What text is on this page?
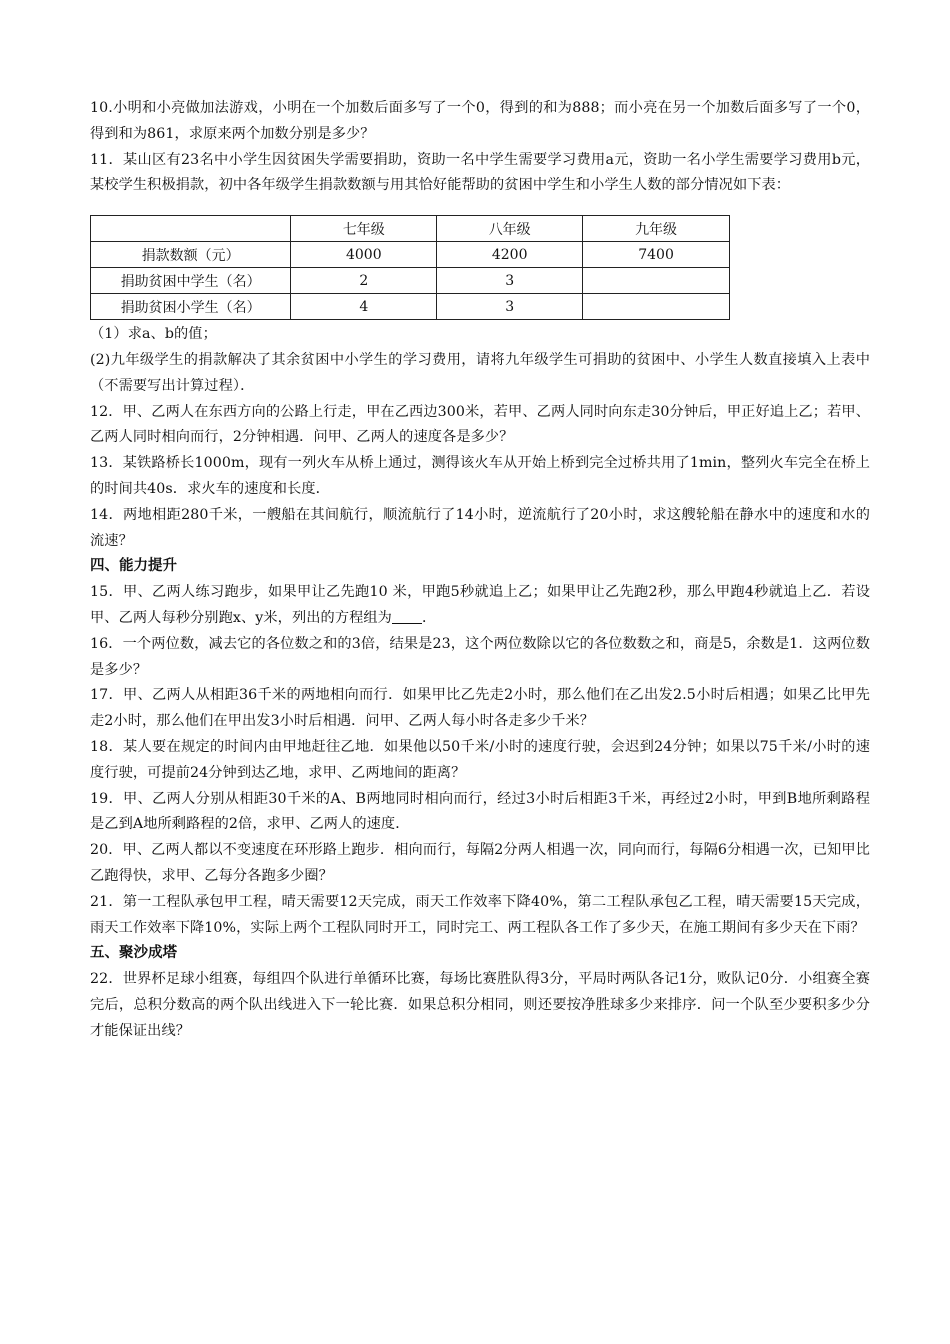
10.小明和小亮做加法游戏，小明在一个加数后面多写了一个0，得到的和为888；而小亮在另一个加数后面多写了一个0，得到和为861，求原来两个加数分别是多少？

11．某山区有23名中小学生因贫困失学需要捐助，资助一名中学生需要学习费用a元，资助一名小学生需要学习费用b元，某校学生积极捐款，初中各年级学生捐款数额与用其恰好能帮助的贫困中学生和小学生人数的部分情况如下表：

	七年级	八年级	九年级
捐款数额（元）	4000	4200	7400
捐助贫困中学生（名）	2	3	
捐助贫困小学生（名）	4	3	

（1）求a、b的值；

(2)九年级学生的捐款解决了其余贫困中小学生的学习费用，请将九年级学生可捐助的贫困中、小学生人数直接填入上表中（不需要写出计算过程）．

12．甲、乙两人在东西方向的公路上行走，甲在乙西边300米，若甲、乙两人同时向东走30分钟后，甲正好追上乙；若甲、乙两人同时相向而行，2分钟相遇．问甲、乙两人的速度各是多少？

13．某铁路桥长1000m，现有一列火车从桥上通过，测得该火车从开始上桥到完全过桥共用了1min，整列火车完全在桥上的时间共40s．求火车的速度和长度．

14．两地相距280千米，一艘船在其间航行，顺流航行了14小时，逆流航行了20小时，求这艘轮船在静水中的速度和水的流速？

四、能力提升

15．甲、乙两人练习跑步，如果甲让乙先跑10 米，甲跑5秒就追上乙；如果甲让乙先跑2秒，那么甲跑4秒就追上乙．若设甲、乙两人每秒分别跑x、y米，列出的方程组为 ．

16．一个两位数，减去它的各位数之和的3倍，结果是23，这个两位数除以它的各位数数之和，商是5，余数是1．这两位数是多少？

17．甲、乙两人从相距36千米的两地相向而行．如果甲比乙先走2小时，那么他们在乙出发2.5小时后相遇；如果乙比甲先走2小时，那么他们在甲出发3小时后相遇．问甲、乙两人每小时各走多少千米？

18．某人要在规定的时间内由甲地赶往乙地．如果他以50千米/小时的速度行驶，会迟到24分钟；如果以75千米/小时的速度行驶，可提前24分钟到达乙地，求甲、乙两地间的距离？

19．甲、乙两人分别从相距30千米的A、B两地同时相向而行，经过3小时后相距3千米，再经过2小时，甲到B地所剩路程是乙到A地所剩路程的2倍，求甲、乙两人的速度．

20．甲、乙两人都以不变速度在环形路上跑步．相向而行，每隔2分两人相遇一次，同向而行，每隔6分相遇一次，已知甲比乙跑得快，求甲、乙每分各跑多少圈？

21．第一工程队承包甲工程，晴天需要12天完成，雨天工作效率下降40%，第二工程队承包乙工程，晴天需要15天完成，雨天工作效率下降10%，实际上两个工程队同时开工，同时完工、两工程队各工作了多少天，在施工期间有多少天在下雨？

五、聚沙成塔

22．世界杯足球小组赛，每组四个队进行单循环比赛，每场比赛胜队得3分，平局时两队各记1分，败队记0分．小组赛全赛完后，总积分数高的两个队出线进入下一轮比赛．如果总积分相同，则还要按净胜球多少来排序．问一个队至少要积多少分才能保证出线？
